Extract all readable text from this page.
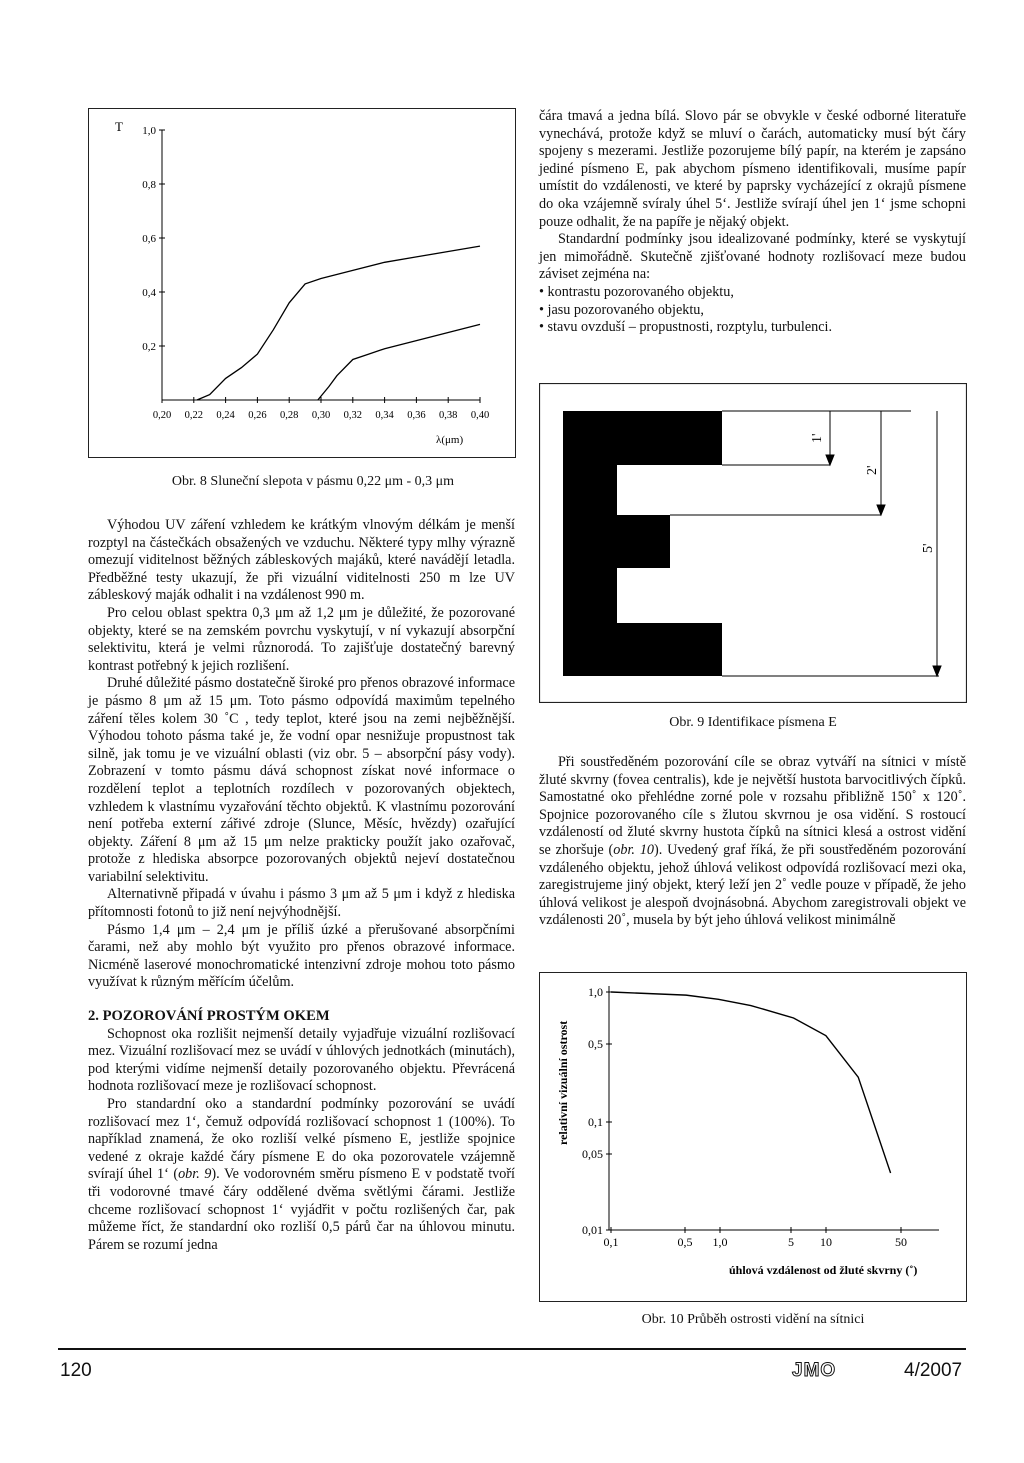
T 1,0
0,8
0,6
0,4
0,2
0,20 0,22 0,24 0,26 0,28 0,30 0,32 0,34 0,36 0,38 0,40
λ(μm)
Obr. 8 Sluneční slepota v pásmu 0,22 μm - 0,3 μm
1'
2'
5'
Obr. 9 Identifikace písmena E
relativní vizuální ostrost
1,0
0,5
0,1
0,05
0,01
0,1	0,5 1,0	5 10	50
úhlová vzdálenost od žluté skvrny (˚)
Obr. 10 Průběh ostrosti vidění na sítnici

Výhodou UV záření vzhledem ke krátkým vlnovým délkám je menší rozptyl na částečkách obsažených ve vzduchu. Některé typy mlhy výrazně omezují viditelnost běžných zábleskových majáků, které navádějí letadla. Předběžné testy ukazují, že při vizuální viditelnosti 250 m lze UV zábleskový maják odhalit i na vzdálenost 990 m.

Pro celou oblast spektra 0,3 μm až 1,2 μm je důležité, že pozorované objekty, které se na zemském povrchu vyskytují, v ní vykazují absorpční selektivitu, která je velmi různorodá. To zajišťuje dostatečný barevný kontrast potřebný k jejich rozlišení.

Druhé důležité pásmo dostatečně široké pro přenos obrazové informace je pásmo 8 μm až 15 μm. Toto pásmo odpovídá maximům tepelného záření těles kolem 30 ˚C , tedy teplot, které jsou na zemi nejběžnější. Výhodou tohoto pásma také je, že vodní opar nesnižuje propustnost tak silně, jak tomu je ve vizuální oblasti (viz obr. 5 – absorpční pásy vody). Zobrazení v tomto pásmu dává schopnost získat nové informace o rozdělení teplot a teplotních rozdílech v pozorovaných objektech, vzhledem k vlastnímu vyzařování těchto objektů. K vlastnímu pozorování není potřeba externí zářivé zdroje (Slunce, Měsíc, hvězdy) ozařující objekty. Záření 8 μm až 15 μm nelze prakticky použít jako ozařovač, protože z hlediska absorpce pozorovaných objektů nejeví dostatečnou variabilní selektivitu.

Alternativně připadá v úvahu i pásmo 3 μm až 5 μm i když z hlediska přítomnosti fotonů to již není nejvýhodnější.

Pásmo 1,4 μm – 2,4 μm je příliš úzké a přerušované absorpčními čarami, než aby mohlo být využito pro přenos obrazové informace. Nicméně laserové monochromatické intenzivní zdroje mohou toto pásmo využívat k různým měřícím účelům.

2. POZOROVÁNÍ PROSTÝM OKEM

Schopnost oka rozlišit nejmenší detaily vyjadřuje vizuální rozlišovací mez. Vizuální rozlišovací mez se uvádí v úhlových jednotkách (minutách), pod kterými vidíme nejmenší detaily pozorovaného objektu. Převrácená hodnota rozlišovací meze je rozlišovací schopnost.

Pro standardní oko a standardní podmínky pozorování se uvádí rozlišovací mez 1‘, čemuž odpovídá rozlišovací schopnost 1 (100%). To například znamená, že oko rozliší velké písmeno E, jestliže spojnice vedené z okraje každé čáry písmene E do oka pozorovatele vzájemně svírají úhel 1‘ (obr. 9). Ve vodorovném směru písmeno E v podstatě tvoří tři vodorovné tmavé čáry oddělené dvěma světlými čárami. Jestliže chceme rozlišovací schopnost 1‘ vyjádřit v počtu rozlišených čar, pak můžeme říct, že standardní oko rozliší 0,5 párů čar na úhlovou minutu. Párem se rozumí jedna

čára tmavá a jedna bílá. Slovo pár se obvykle v české odborné literatuře vynechává, protože když se mluví o čarách, automaticky musí být čáry spojeny s mezerami. Jestliže pozorujeme bílý papír, na kterém je zapsáno jediné písmeno E, pak abychom písmeno identifikovali, musíme papír umístit do vzdálenosti, ve které by paprsky vycházející z okrajů písmene do oka vzájemně svíraly úhel 5‘. Jestliže svírají úhel jen 1‘ jsme schopni pouze odhalit, že na papíře je nějaký objekt.

Standardní podmínky jsou idealizované podmínky, které se vyskytují jen mimořádně. Skutečně zjišťované hodnoty rozlišovací meze budou záviset zejména na:

• kontrastu pozorovaného objektu,
• jasu pozorovaného objektu,
• stavu ovzduší – propustnosti, rozptylu, turbulenci.

Při soustředěném pozorování cíle se obraz vytváří na sítnici v místě žluté skvrny (fovea centralis), kde je největší hustota barvocitlivých čípků. Samostatné oko přehlédne zorné pole v rozsahu přibližně 150˚ x 120˚. Spojnice pozorovaného cíle s žlutou skvrnou je osa vidění. S rostoucí vzdáleností od žluté skvrny hustota čípků na sítnici klesá a ostrost vidění se zhoršuje (obr. 10). Uvedený graf říká, že při soustředěném pozorování vzdáleného objektu, jehož úhlová velikost odpovídá rozlišovací mezi oka, zaregistrujeme jiný objekt, který leží jen 2˚ vedle pouze v případě, že jeho úhlová velikost je alespoň dvojnásobná. Abychom zaregistrovali objekt ve vzdálenosti 20˚, musela by být jeho úhlová velikost minimálně

120	JMO	4/2007
